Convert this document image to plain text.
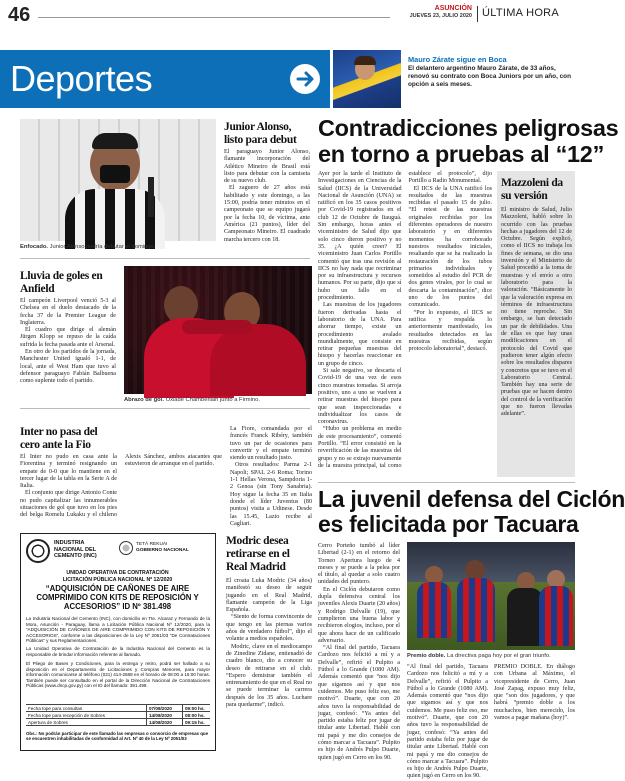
46	ASUNCIÓN
JUEVES 23, JULIO 2020 ÚLTIMA HORA
Deportes	Mauro Zárate sigue en Boca
El delantero argentino Mauro Zárate, de 33 años, renovó su contrato con Boca Juniors por un año, con opción a seis meses.
Enfocado. Junior Alonso podría debutar el domingo.
Junior Alonso, listo para debut

El paraguayo Junior Alonso, flamante incorporación del Atlético Mineiro de Brasil está listo para debutar con la camiseta de su nuevo club.

El zaguero de 27 años está habilitado y este domingo, a las 15:00, podría tener minutos en el campeonato que se equipo jugará por la fecha 10, de víctima, ante América (21 puntos), líder del Campeonato Mineiro. El cuadrado marcha tercero con 18.

Contradicciones peligrosas
en torno a pruebas al “12”

Ayer por la tarde el Instituto de Investigaciones en Ciencias de la Salud (IICS) de la Universidad Nacional de Asunción (UNA) se ratificó en los 35 casos positivos por Covid-19 registrados en el club 12 de Octubre de Itauguá. Sin embargo, horas antes el viceministro de Salud dijo que solo cinco dieron positivo y no 35. ¿A quién creer? El viceministro Juan Carlos Portillo comentó que tras una revisión al IICS no hay nada que recriminar por su infraestructura y recursos humanos. Por su parte, dijo que sí hubo un fallo en el procedimiento.

Las muestras de los jugadores fueron derivadas hasta el laboratorio de la UNA. Para ahorrar tiempo, existe un procedimiento avalado mundialmente, que consiste en retirar pequeñas muestras del hisopo y hacerlas reaccionar en un grupo de cinco.

Si sale negativo, se descarta el Covid-19 de una vez de esos cinco muestras tomadas. Si arroja positivo, uno a uno se vuelven a retirar muestras del hisopo para que sean inspeccionadas e individualizar los casos de coronavirus.

“Hubo un problema en medio de este procesamiento”, comentó Portillo. “El error consistió en la reverificación de las muestras del grupo y no se extrajo nuevamente de la muestra principal, tal como establece el protocolo”, dijo Portillo a Radio Monumental.

El IICS de la UNA ratificó los resultados de las muestras recibidas el pasado 15 de julio. “El retest de las muestras originales recibidas por los diferentes operadores de nuestro laboratorio y en diferentes momentos ha corroborado nuestros resultados iniciales, resaltando que se ha realizado la restauración de los tubos primarios individuales y sometidos al estudio del PCR de dos genes virales, por lo cual se descarta la contaminación”, dice uno de los puntos del comunicado.

“Por lo expuesto, el IICS se ratifica y respalda lo anteriormente manifestado, los resultados detectados en las muestras recibidas, según protocolo laboratorial”, destacó.

Mazzoleni da su versión

El ministro de Salud, Julio Mazzoleni, habló sobre lo ocurrido con las pruebas hechas a jugadores del 12 de Octubre. Según explicó, como el IICS no trabaja los fines de semana, se dio una inversión y el Ministerio de Salud procedió a la toma de muestras y el envío a otro laboratorio para la valoración. “Básicamente lo que la valoración expresa en términos de infraestructura no tiene reproche. Sin embargo, se han detectado un par de debilidades. Una de ellas es que hay unas modificaciones en el protocolo del Covid que pudieron tener algún efecto sobre los resultados dispares y concretos que se tuvo en el Laboratorio Central. También hay una serie de pruebas que se hacen dentro del control de la verificación que no fueron llevadas adelante”.

Lluvia de goles en Anfield

El campeón Liverpool venció 5-3 al Chelsea en el duelo destacado de la fecha 37 de la Premier League de Inglaterra.

El cuadro que dirige el alemán Jürgen Klopp se repuso de la caída sufrida la fecha pasada ante el Arsenal.

En otro de los partidos de la jornada, Manchester United igualó 1-1, de local, ante el West Ham que tuvo al defensor paraguayo Fabián Balbuena como suplente todo el partido.

Abrazo de gol. Oxlade Chamberlain junto a Firmino.
Inter no pasa del cero ante la Fio

El Inter no pudo en casa ante la Fiorentina y terminó resignando un empate de 0-0 que lo mantiene en el tercer lugar de la tabla en la Serie A de Italia.

El conjunto que dirige Antonio Conte no pudo capitalizar las innumerables situaciones de gol que tuvo en los pies del belga Romelu Lukaku y el chileno Alexis Sánchez, ambos atacantes que estuvieron de arranque en el partido.

La Fiore, comandada por el francés Franck Ribéry, también tuvo un par de ocasiones para convertir y el empate terminó siendo un resultado justo.

Otros resultados: Parma 2-1 Napoli; SPAL 2-6 Roma; Torino 1-1 Hellas Verona, Sampdoria 1-2 Genoa (sin Tony Sanabria). Hoy sigue la fecha 35 en Italia donde el líder Juventus (80 puntos) visita a Udinese. Desde las 15.45, Lazio recibe al Cagliari.

INDUSTRIA
NACIONAL DEL
CEMENTO (INC)
TETÃ REKUÁI
GOBIERNO NACIONAL
UNIDAD OPERATIVA DE CONTRATACIÓN
LICITACIÓN PÚBLICA NACIONAL Nº 12/2020
“ADQUISICIÓN DE CAÑONES DE AIRE COMPRIMIDO CON KITS DE REPOSICIÓN Y ACCESORIOS” ID Nº 381.498
La Industria Nacional del Cemento (INC), con domicilio en Tte. Alcaraz y Fernando de la Mora, Asunción - Paraguay, llama a Licitación Pública Nacional Nº 12/2020, para la “ADQUISICIÓN DE CAÑONES DE AIRE COMPRIMIDO CON KITS DE REPOSICIÓN Y ACCESORIOS”, conforme a las disposiciones de la Ley Nº 2051/03 “De Contrataciones Públicas” y sus Reglamentaciones.
La Unidad Operativa de Contratación de la Industria Nacional del Cemento es la responsable de brindar información referente al llamado.
El Pliego de Bases y Condiciones, para la entrega y retiro, podrá ser hallado a su disposición en el Departamento de Licitaciones y Compras Menores, para mayor información comunicarse al teléfono (021) 414-2588 en el horario de 08:00 a 15:00 horas. También puede ser consultado en el portal de la Dirección Nacional de Contrataciones Públicas (www.dncp.gov.py) con el ID del llamado: 381.498.
Fecha tope para consultas	07/08/2020	09:00 hs.
Fecha tope para recepción de Sobres	14/08/2020	08:00 hs.
Apertura de Sobres	14/08/2020	09:15 hs.
Obs.: No podrán participar de este llamado las empresas o consorcio de empresas que se encuentren inhabilitadas de conformidad al Art. Nº 40 de la Ley Nº 2051/03
Modric desea retirarse en el Real Madrid

El croata Luka Modric (34 años) manifestó su deseo de seguir jugando en el Real Madrid, flamante campeón de la Liga Española.

“Siento de forma convincente de que tengo en las piernas varios años de verdadero fútbol”, dijo el volante a medios españoles.

Modric, clave en el mediocampo de Zinedine Zidane, entienadió de cuadro blanco, dio a conocer su deseo de retirarse en el club. “Espero demistrar también el entrenamiento de que en el Real no se puede terminar la carrera después de los 35 años. Luchare para quedarme”, indicó.

La juvenil defensa del Ciclón
es felicitada por Tacuara

Cerro Porteño tumbó al líder Libertad (2-1) en el retorno del Torneo Apertura luego de 4 meses y se puede a la pelea por el título, al quedar a solo cuatro unidades del puntero.

En el Ciclón debutaron como dupla defensiva central los juveniles Alexis Duarte (20 años) y Rodrigo Delvalle (19), que cumplieron una buena labor y recibieron elogios, incluso, por el que ahora hace de un calificado adversario.

“Al final del partido, Tacuara Cardozo nos felicitó a mí y a Delvalle”, refirió el Pulpito a Fútbol a lo Grande (1080 AM). Además comentó que “nos dijo que sigamos así y que nos cuidemos. Me puso feliz eso, me motivó”. Duarte, que con 20 años tuvo la responsabilidad de jugar, confesó: “Ya antes del partido estaba feliz por jugar de titular ante Libertad. Hablé con mi papá y me dio consejos de cómo marcar a Tacuara”. Pulpito es hijo de Andrés Pulpo Duarte, quien jugó en Cerro en los 90.

Premio doble. La directiva paga hoy por el gran triunfo.

“Al final del partido, Tacuara Cardozo nos felicitó a mí y a Delvalle”, refirió el Pulpito a Fútbol a lo Grande (1080 AM). Además comentó que “nos dijo que sigamos así y que nos cuidemos. Me puso feliz eso, me motivó”. Duarte, que con 20 años tuvo la responsabilidad de jugar, confesó: “Ya antes del partido estaba feliz por jugar de titular ante Libertad. Hablé con mi papá y me dio consejos de cómo marcar a Tacuara”. Pulpito es hijo de Andrés Pulpo Duarte, quien jugó en Cerro en los 90.

PREMIO DOBLE. En diálogo con Urbana al Máximo, el vicepresidente de Cerro, Juan José Zapag, expuso muy feliz, que “son dos jugadores, y que habrá “premio doble a los muchachos, bien merecido, los vamos a pagar mañana (hoy)”.
